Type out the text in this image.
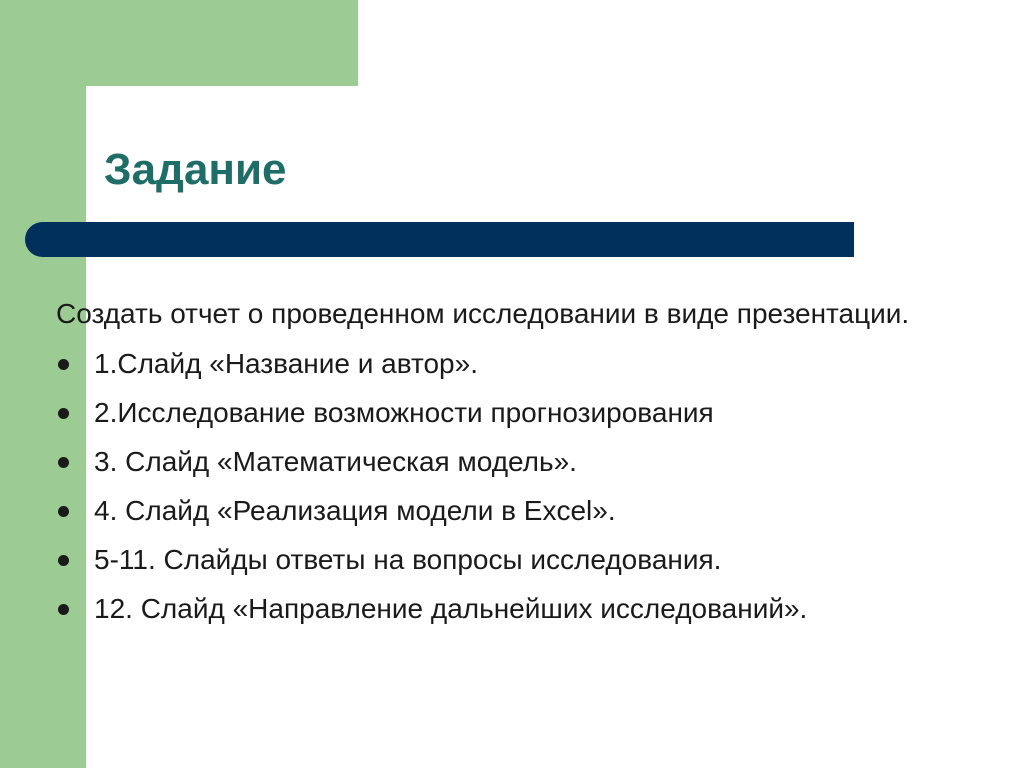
Задание

Создать отчет о проведенном исследовании в виде презентации.

1.Слайд «Название и автор».
2.Исследование возможности прогнозирования
3. Слайд «Математическая модель».
4. Слайд «Реализация модели в Excel».
5-11. Слайды ответы на вопросы исследования.
12. Слайд «Направление дальнейших исследований».
